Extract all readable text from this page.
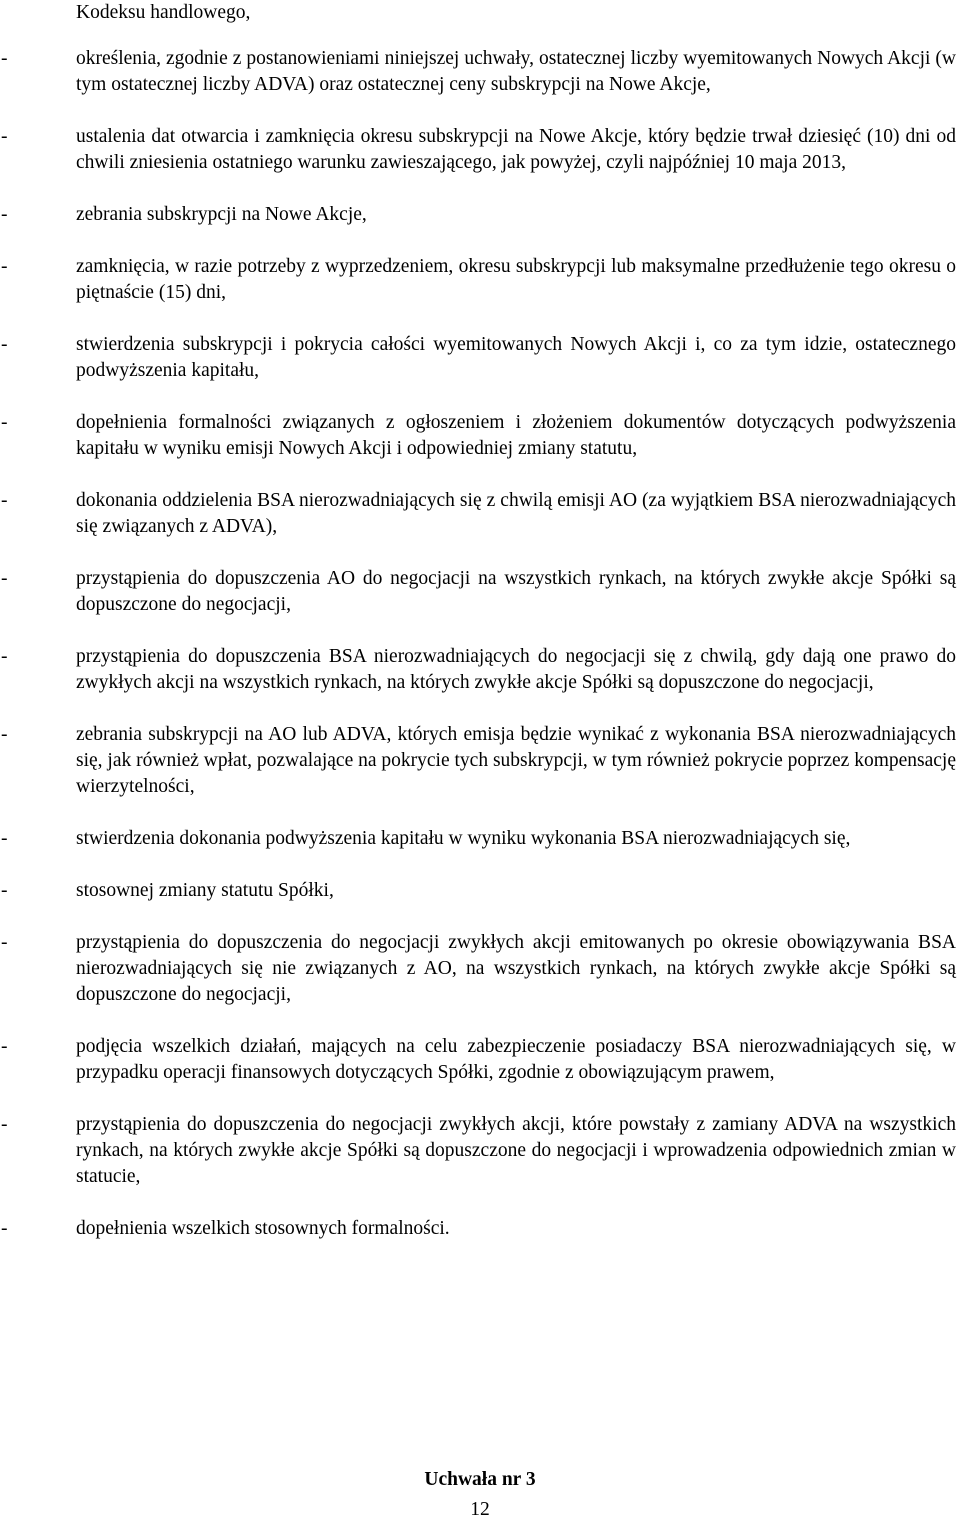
Kodeksu handlowego,

-	określenia, zgodnie z postanowieniami niniejszej uchwały, ostatecznej liczby wyemitowanych Nowych Akcji (w tym ostatecznej liczby ADVA) oraz ostatecznej ceny subskrypcji na Nowe Akcje,
-	ustalenia dat otwarcia i zamknięcia okresu subskrypcji na Nowe Akcje, który będzie trwał dziesięć (10) dni od chwili zniesienia ostatniego warunku zawieszającego, jak powyżej, czyli najpóźniej 10 maja 2013,
-	zebrania subskrypcji na Nowe Akcje,
-	zamknięcia, w razie potrzeby z wyprzedzeniem, okresu subskrypcji lub maksymalne przedłużenie tego okresu o piętnaście (15) dni,
-	stwierdzenia subskrypcji i pokrycia całości wyemitowanych Nowych Akcji i, co za tym idzie, ostatecznego podwyższenia kapitału,
-	dopełnienia formalności związanych z ogłoszeniem i złożeniem dokumentów dotyczących podwyższenia kapitału w wyniku emisji Nowych Akcji i odpowiedniej zmiany statutu,
-	dokonania oddzielenia BSA nierozwadniających się z chwilą emisji AO (za wyjątkiem BSA nierozwadniających się związanych z ADVA),
-	przystąpienia do dopuszczenia AO do negocjacji na wszystkich rynkach, na których zwykłe akcje Spółki są dopuszczone do negocjacji,
-	przystąpienia do dopuszczenia BSA nierozwadniających do negocjacji się z chwilą, gdy dają one prawo do zwykłych akcji na wszystkich rynkach, na których zwykłe akcje Spółki są dopuszczone do negocjacji,
-	zebrania subskrypcji na AO lub ADVA, których emisja będzie wynikać z wykonania BSA nierozwadniających się, jak również wpłat, pozwalające na pokrycie tych subskrypcji, w tym również pokrycie poprzez kompensację wierzytelności,
-	stwierdzenia dokonania podwyższenia kapitału w wyniku wykonania BSA nierozwadniających się,
-	stosownej zmiany statutu Spółki,
-	przystąpienia do dopuszczenia do negocjacji zwykłych akcji emitowanych po okresie obowiązywania BSA nierozwadniających się nie związanych z AO, na wszystkich rynkach, na których zwykłe akcje Spółki są dopuszczone do negocjacji,
-	podjęcia wszelkich działań, mających na celu zabezpieczenie posiadaczy BSA nierozwadniających się, w przypadku operacji finansowych dotyczących Spółki, zgodnie z obowiązującym prawem,
-	przystąpienia do dopuszczenia do negocjacji zwykłych akcji, które powstały z zamiany ADVA na wszystkich rynkach, na których zwykłe akcje Spółki są dopuszczone do negocjacji i wprowadzenia odpowiednich zmian w statucie,
-	dopełnienia wszelkich stosownych formalności.

Uchwała nr 3

12
